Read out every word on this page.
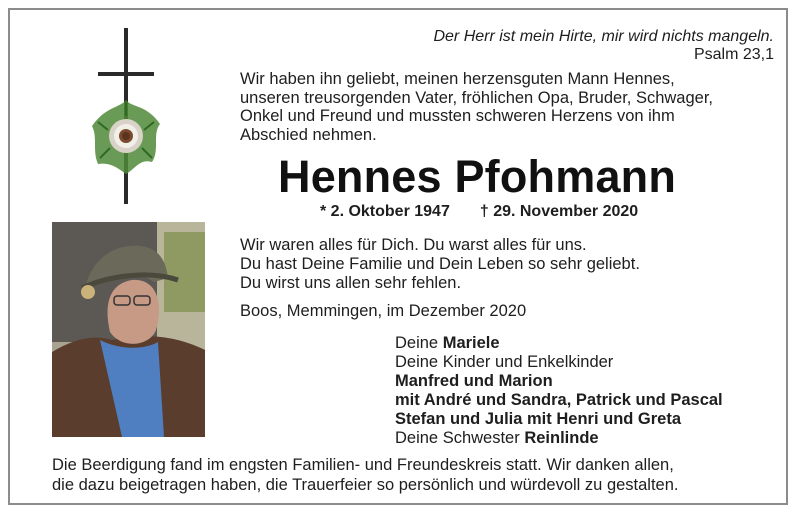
Der Herr ist mein Hirte, mir wird nichts mangeln.
Psalm 23,1
Wir haben ihn geliebt, meinen herzensguten Mann Hennes,
unseren treusorgenden Vater, fröhlichen Opa, Bruder, Schwager,
Onkel und Freund und mussten schweren Herzens von ihm
Abschied nehmen.
Hennes Pfohmann
* 2. Oktober 1947 † 29. November 2020
Wir waren alles für Dich. Du warst alles für uns.
Du hast Deine Familie und Dein Leben so sehr geliebt.
Du wirst uns allen sehr fehlen.
Boos, Memmingen, im Dezember 2020
Deine Mariele
Deine Kinder und Enkelkinder
Manfred und Marion
mit André und Sandra, Patrick und Pascal
Stefan und Julia mit Henri und Greta
Deine Schwester Reinlinde
Die Beerdigung fand im engsten Familien- und Freundeskreis statt. Wir danken allen,
die dazu beigetragen haben, die Trauerfeier so persönlich und würdevoll zu gestalten.
